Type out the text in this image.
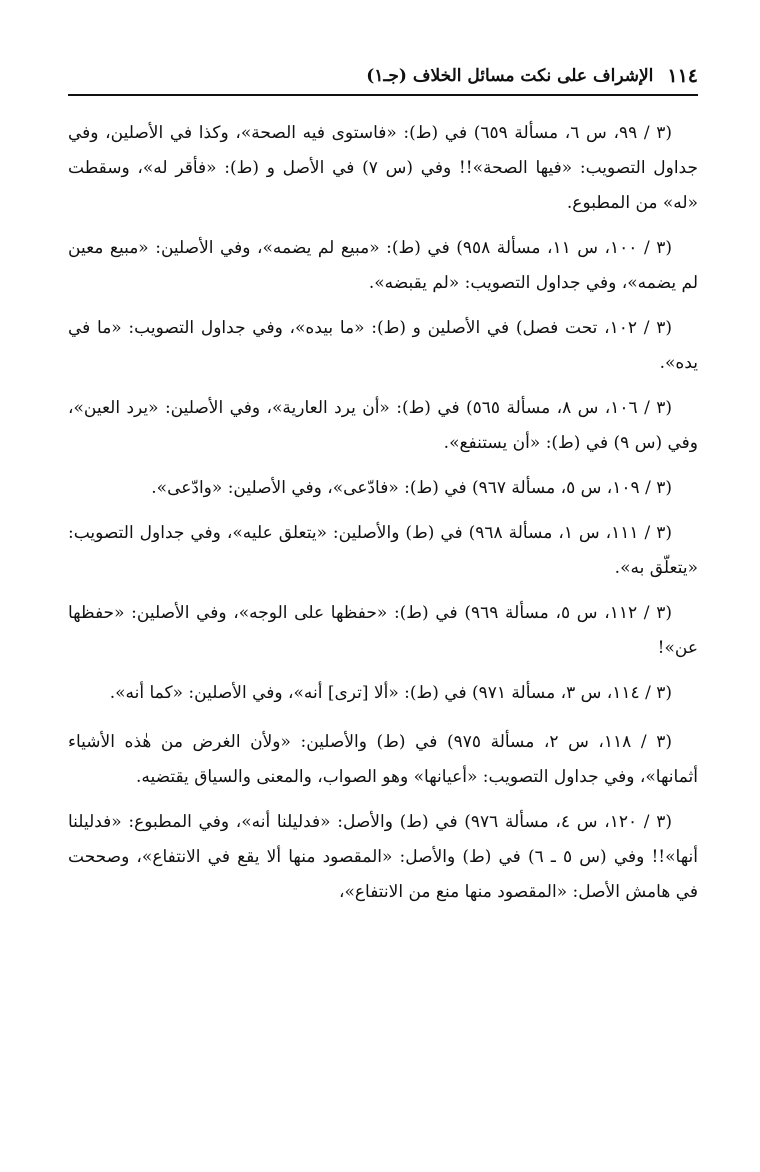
١١٤
الإشراف على نكت مسائل الخلاف (جـ١)

(٣ / ٩٩، س ٦، مسألة ٦٥٩) في (ط): «فاستوى فيه الصحة»، وكذا في الأصلين، وفي جداول التصويب: «فيها الصحة»!! وفي (س ٧) في الأصل و (ط): «فأقر له»، وسقطت «له» من المطبوع.

(٣ / ١٠٠، س ١١، مسألة ٩٥٨) في (ط): «مبيع لم يضمه»، وفي الأصلين: «مبيع معين لم يضمه»، وفي جداول التصويب: «لم يقبضه».

(٣ / ١٠٢، تحت فصل) في الأصلين و (ط): «ما بيده»، وفي جداول التصويب: «ما في يده».

(٣ / ١٠٦، س ٨، مسألة ٥٦٥) في (ط): «أن يرد العارية»، وفي الأصلين: «يرد العين»، وفي (س ٩) في (ط): «أن يستنفع».

(٣ / ١٠٩، س ٥، مسألة ٩٦٧) في (ط): «فادّعى»، وفي الأصلين: «وادّعى».

(٣ / ١١١، س ١، مسألة ٩٦٨) في (ط) والأصلين: «يتعلق عليه»، وفي جداول التصويب: «يتعلّق به».

(٣ / ١١٢، س ٥، مسألة ٩٦٩) في (ط): «حفظها على الوجه»، وفي الأصلين: «حفظها عن»!

(٣ / ١١٤، س ٣، مسألة ٩٧١) في (ط): «ألا [ترى] أنه»، وفي الأصلين: «كما أنه».

(٣ / ١١٨، س ٢، مسألة ٩٧٥) في (ط) والأصلين: «ولأن الغرض من هٰذه الأشياء أثمانها»، وفي جداول التصويب: «أعيانها» وهو الصواب، والمعنى والسياق يقتضيه.

(٣ / ١٢٠، س ٤، مسألة ٩٧٦) في (ط) والأصل: «فدليلنا أنه»، وفي المطبوع: «فدليلنا أنها»!! وفي (س ٥ ـ ٦) في (ط) والأصل: «المقصود منها ألا يقع في الانتفاع»، وصححت في هامش الأصل: «المقصود منها منع من الانتفاع»،
